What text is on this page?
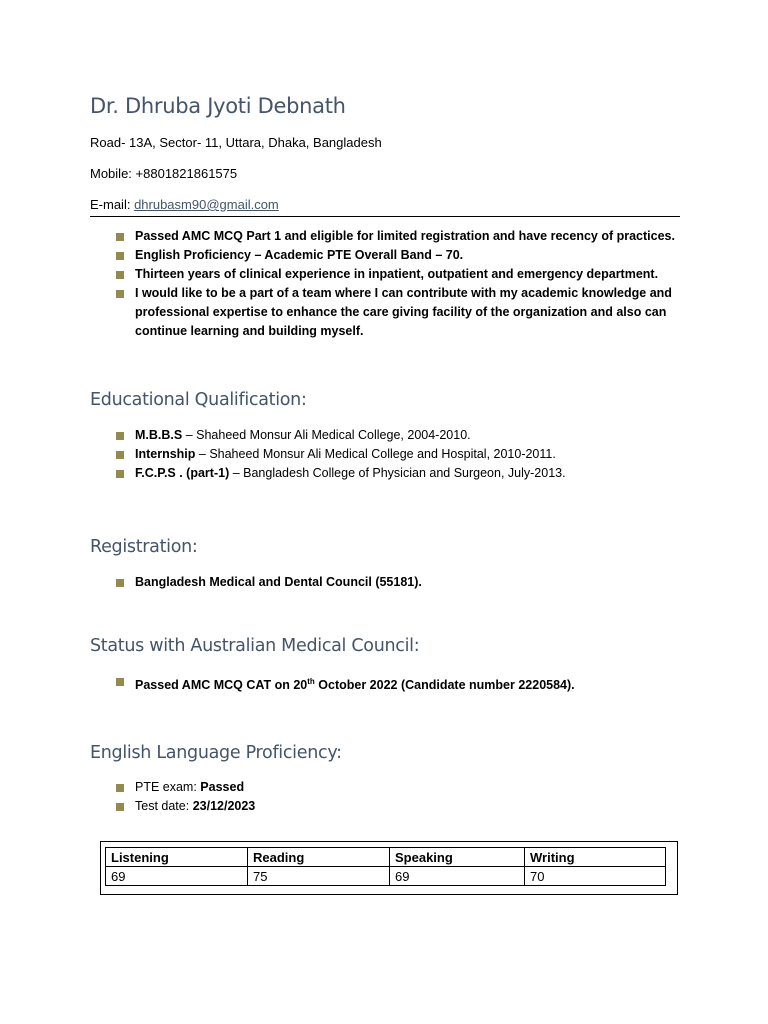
Dr. Dhruba Jyoti Debnath
Road- 13A, Sector- 11, Uttara, Dhaka, Bangladesh
Mobile: +8801821861575
E-mail: dhrubasm90@gmail.com
Passed AMC MCQ Part 1 and eligible for limited registration and have recency of practices.
English Proficiency – Academic PTE Overall Band – 70.
Thirteen years of clinical experience in inpatient, outpatient and emergency department.
I would like to be a part of a team where I can contribute with my academic knowledge and
professional expertise to enhance the care giving facility of the organization and also can
continue learning and building myself.
Educational Qualification:
M.B.B.S – Shaheed Monsur Ali Medical College, 2004-2010.
Internship – Shaheed Monsur Ali Medical College and Hospital, 2010-2011.
F.C.P.S . (part-1) – Bangladesh College of Physician and Surgeon, July-2013.
Registration:
Bangladesh Medical and Dental Council (55181).
Status with Australian Medical Council:
Passed AMC MCQ CAT on 20th October 2022 (Candidate number 2220584).
English Language Proficiency:
PTE exam: Passed
Test date: 23/12/2023
Listening	Reading	Speaking	Writing
69	75	69	70
